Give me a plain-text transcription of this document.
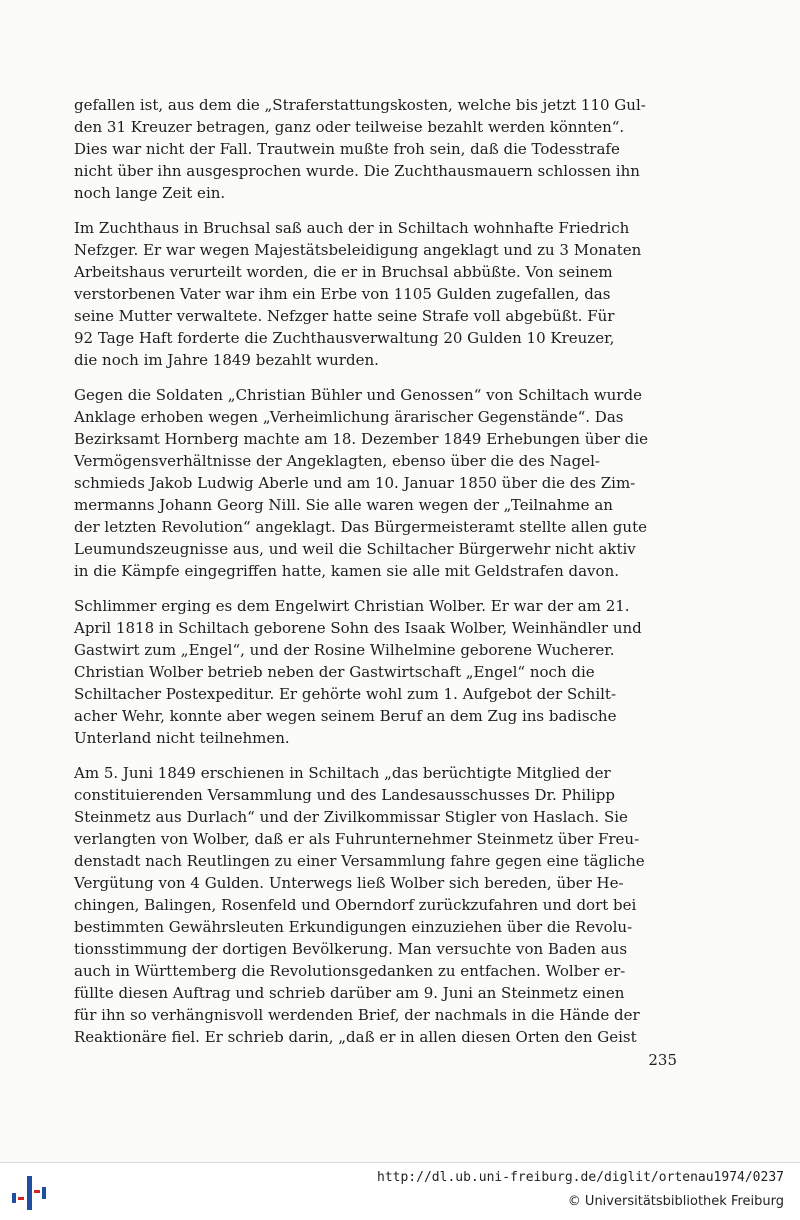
gefallen ist, aus dem die „Straferstattungskosten, welche bis jetzt 110 Gul-
den 31 Kreuzer betragen, ganz oder teilweise bezahlt werden könnten“.
Dies war nicht der Fall. Trautwein mußte froh sein, daß die Todesstrafe
nicht über ihn ausgesprochen wurde. Die Zuchthausmauern schlossen ihn
noch lange Zeit ein.

Im Zuchthaus in Bruchsal saß auch der in Schiltach wohnhafte Friedrich
Nefzger. Er war wegen Majestätsbeleidigung angeklagt und zu 3 Monaten
Arbeitshaus verurteilt worden, die er in Bruchsal abbüßte. Von seinem
verstorbenen Vater war ihm ein Erbe von 1105 Gulden zugefallen, das
seine Mutter verwaltete. Nefzger hatte seine Strafe voll abgebüßt. Für
92 Tage Haft forderte die Zuchthausverwaltung 20 Gulden 10 Kreuzer,
die noch im Jahre 1849 bezahlt wurden.

Gegen die Soldaten „Christian Bühler und Genossen“ von Schiltach wurde
Anklage erhoben wegen „Verheimlichung ärarischer Gegenstände“. Das
Bezirksamt Hornberg machte am 18. Dezember 1849 Erhebungen über die
Vermögensverhältnisse der Angeklagten, ebenso über die des Nagel-
schmieds Jakob Ludwig Aberle und am 10. Januar 1850 über die des Zim-
mermanns Johann Georg Nill. Sie alle waren wegen der „Teilnahme an
der letzten Revolution“ angeklagt. Das Bürgermeisteramt stellte allen gute
Leumundszeugnisse aus, und weil die Schiltacher Bürgerwehr nicht aktiv
in die Kämpfe eingegriffen hatte, kamen sie alle mit Geldstrafen davon.

Schlimmer erging es dem Engelwirt Christian Wolber. Er war der am 21.
April 1818 in Schiltach geborene Sohn des Isaak Wolber, Weinhändler und
Gastwirt zum „Engel“, und der Rosine Wilhelmine geborene Wucherer.
Christian Wolber betrieb neben der Gastwirtschaft „Engel“ noch die
Schiltacher Postexpeditur. Er gehörte wohl zum 1. Aufgebot der Schilt-
acher Wehr, konnte aber wegen seinem Beruf an dem Zug ins badische
Unterland nicht teilnehmen.

Am 5. Juni 1849 erschienen in Schiltach „das berüchtigte Mitglied der
constituierenden Versammlung und des Landesausschusses Dr. Philipp
Steinmetz aus Durlach“ und der Zivilkommissar Stigler von Haslach. Sie
verlangten von Wolber, daß er als Fuhrunternehmer Steinmetz über Freu-
denstadt nach Reutlingen zu einer Versammlung fahre gegen eine tägliche
Vergütung von 4 Gulden. Unterwegs ließ Wolber sich bereden, über He-
chingen, Balingen, Rosenfeld und Oberndorf zurückzufahren und dort bei
bestimmten Gewährsleuten Erkundigungen einzuziehen über die Revolu-
tionsstimmung der dortigen Bevölkerung. Man versuchte von Baden aus
auch in Württemberg die Revolutionsgedanken zu entfachen. Wolber er-
füllte diesen Auftrag und schrieb darüber am 9. Juni an Steinmetz einen
für ihn so verhängnisvoll werdenden Brief, der nachmals in die Hände der
Reaktionäre fiel. Er schrieb darin, „daß er in allen diesen Orten den Geist

235
http://dl.ub.uni-freiburg.de/diglit/ortenau1974/0237
© Universitätsbibliothek Freiburg
